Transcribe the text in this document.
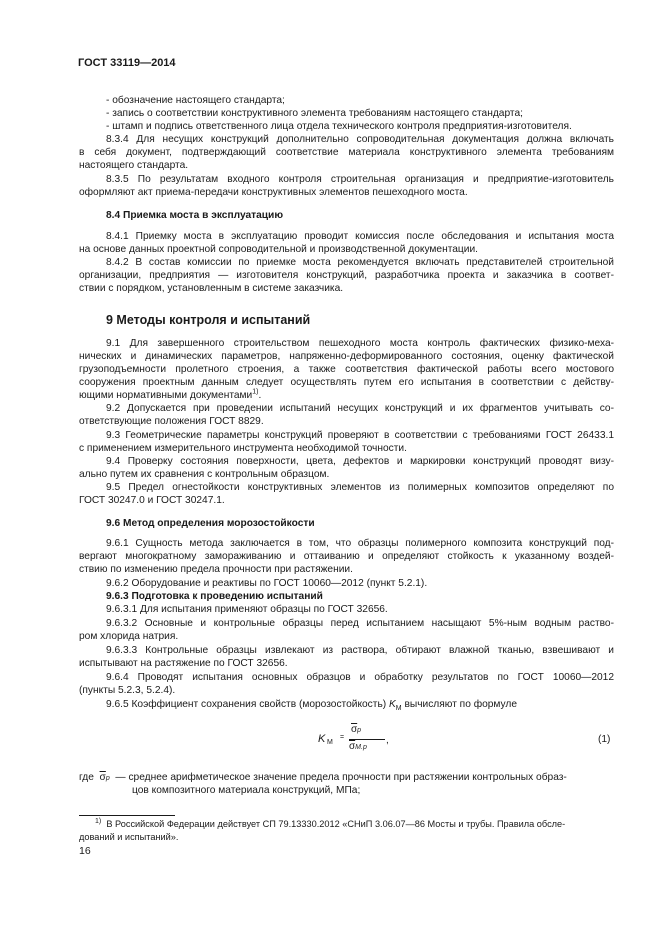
ГОСТ 33119—2014
- обозначение настоящего стандарта;
- запись о соответствии конструктивного элемента требованиям настоящего стандарта;
- штамп и подпись ответственного лица отдела технического контроля предприятия-изготовителя.
8.3.4 Для несущих конструкций дополнительно сопроводительная документация должна включать
в себя документ, подтверждающий соответствие материала конструктивного элемента требованиям
настоящего стандарта.
8.3.5 По результатам входного контроля строительная организация и предприятие-изготовитель
оформляют акт приема-передачи конструктивных элементов пешеходного моста.
8.4 Приемка моста в эксплуатацию
8.4.1 Приемку моста в эксплуатацию проводит комиссия после обследования и испытания моста
на основе данных проектной сопроводительной и производственной документации.
8.4.2 В состав комиссии по приемке моста рекомендуется включать представителей строительной
организации, предприятия — изготовителя конструкций, разработчика проекта и заказчика в соответ-
ствии с порядком, установленным в системе заказчика.
9 Методы контроля и испытаний
9.1 Для завершенного строительством пешеходного моста контроль фактических физико-меха-
нических и динамических параметров, напряженно-деформированного состояния, оценку фактической
грузоподъемности пролетного строения, а также соответствия фактической работы всего мостового
сооружения проектным данным следует осуществлять путем его испытания в соответствии с действу-
ющими нормативными документами$^{1)}$.
9.2 Допускается при проведении испытаний несущих конструкций и их фрагментов учитывать со-
ответствующие положения ГОСТ 8829.
9.3 Геометрические параметры конструкций проверяют в соответствии с требованиями ГОСТ 26433.1
с применением измерительного инструмента необходимой точности.
9.4 Проверку состояния поверхности, цвета, дефектов и маркировки конструкций проводят визу-
ально путем их сравнения с контрольным образцом.
9.5 Предел огнестойкости конструктивных элементов из полимерных композитов определяют по
ГОСТ 30247.0 и ГОСТ 30247.1.
9.6 Метод определения морозостойкости
9.6.1 Сущность метода заключается в том, что образцы полимерного композита конструкций под-
вергают многократному замораживанию и оттаиванию и определяют стойкость к указанному воздей-
ствию по изменению предела прочности при растяжении.
9.6.2 Оборудование и реактивы по ГОСТ 10060—2012 (пункт 5.2.1).
9.6.3 Подготовка к проведению испытаний
9.6.3.1 Для испытания применяют образцы по ГОСТ 32656.
9.6.3.2 Основные и контрольные образцы перед испытанием насыщают 5%-ным водным раство-
ром хлорида натрия.
9.6.3.3 Контрольные образцы извлекают из раствора, обтирают влажной тканью, взвешивают и
испытывают на растяжение по ГОСТ 32656.
9.6.4 Проводят испытания основных образцов и обработку результатов по ГОСТ 10060—2012
(пункты 5.2.3, 5.2.4).
9.6.5 Коэффициент сохранения свойств (морозостойкость) $K_M$ вычисляют по формуле
K M
=
$\overline{\sigma}p$
$\overline{\sigma}M.p$
,	(1)
где $\overline{\sigma}p$ — среднее арифметическое значение предела прочности при растяжении контрольных образ-
цов композитного материала конструкций, МПа;
$^{1)}$ В Российской Федерации действует СП 79.13330.2012 «СНиП 3.06.07—86 Мосты и трубы. Правила обсле-
дований и испытаний».
16
